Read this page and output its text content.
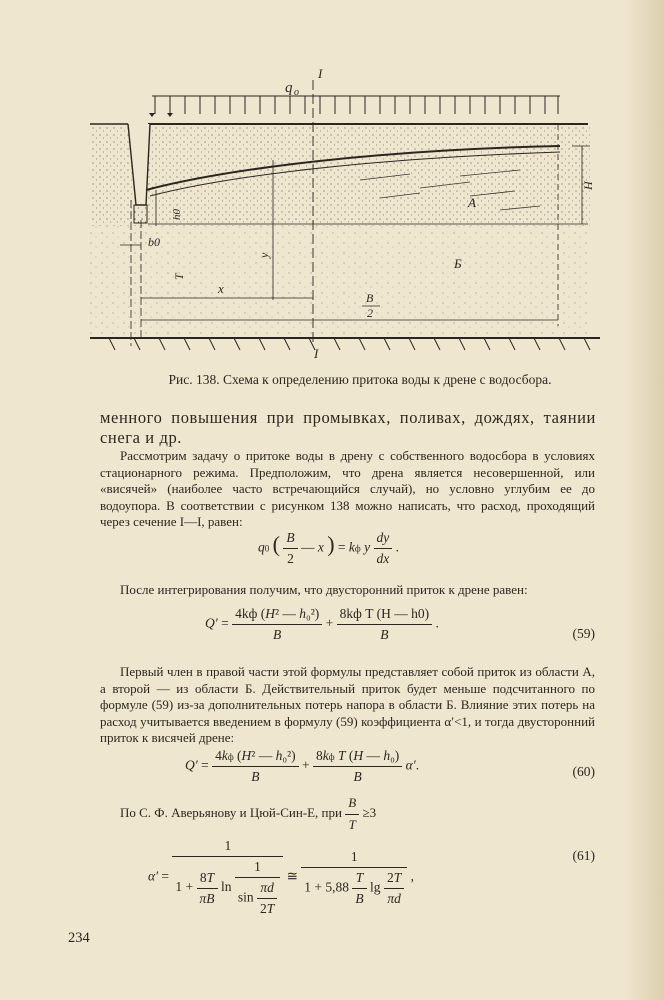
q o
I
I
H
A
Б
h0
y
T
b0
x
B
2
Рис. 138. Схема к определению притока воды к дрене с водосбора.
менного повышения при промывках, поливах, дождях, таянии снега и др.
Рассмотрим задачу о притоке воды в дрену с собственного водосбора в условиях стационарного режима. Предположим, что дрена является несовершенной, или «висячей» (наиболее часто встречающийся случай), но условно углубим ее до водоупора. В соответствии с рисунком 138 можно написать, что расход, проходящий через сечение I—I, равен:
q0 ( $\frac{B}{2}$ — x ) = kф y $\frac{dy}{dx}$ .
После интегрирования получим, что двусторонний приток к дрене равен:
Q′ =
4kф (H² — h₀²)
B
+
8kф T (H — h0)
B
.
(59)
Первый член в правой части этой формулы представляет собой приток из области А, а второй — из области Б. Действительный приток будет меньше подсчитанного по формуле (59) из-за дополнительных потерь напора в области Б. Влияние этих потерь на расход учитывается введением в формулу (59) коэффициента α′<1, и тогда двусторонний приток к висячей дрене:
Q′ =
4kф (H² — h₀²)
B
+
8kф T (H — h₀)
B
α′.	(60)
По С. Ф. Аверьянову и Цюй-Син-Е, при $\frac{B}{T} \ge 3$
α′ =
1
$1 + \frac{8T}{\pi B}$ $\ln \frac{1}{\sin \frac{\pi d}{2T}}$ ≅
1
$1 + 5,88 \frac{T}{B}$ $\lg \frac{2T}{\pi d}$ ,
(61)
234
